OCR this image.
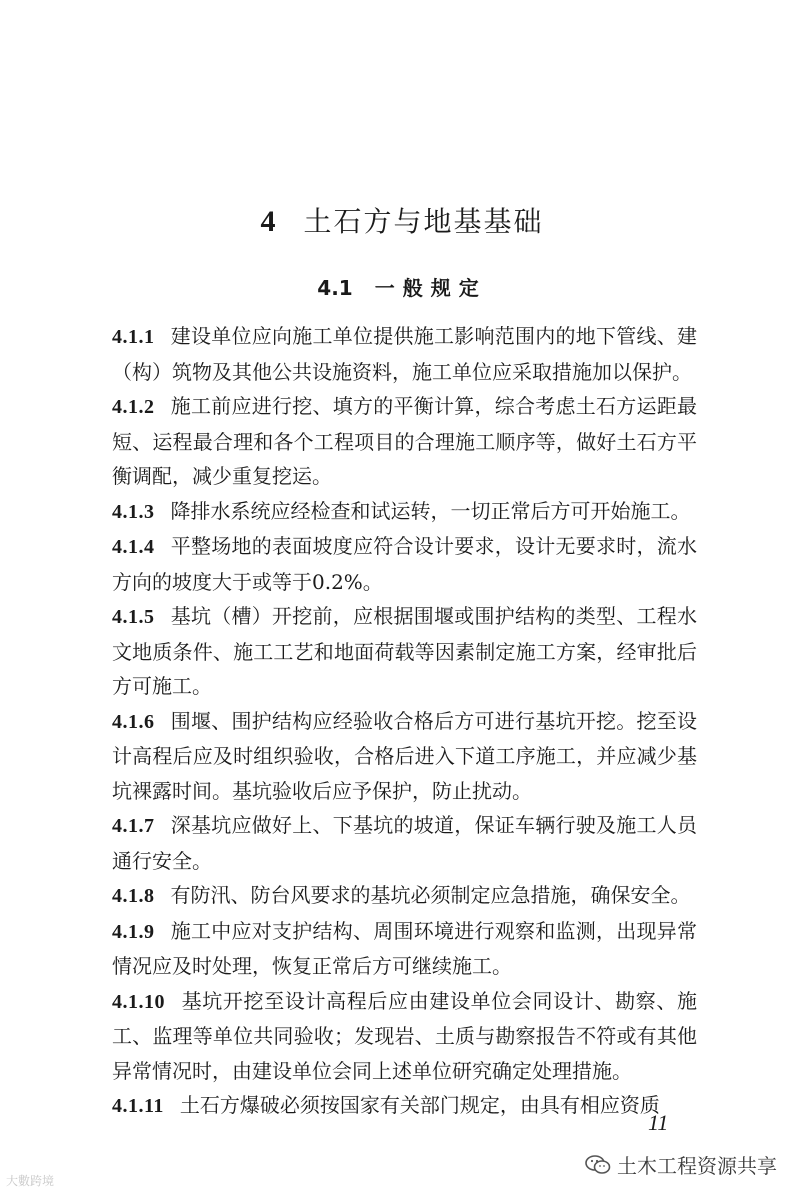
4 土石方与地基基础
4.1 一般规定

4.1.1 建设单位应向施工单位提供施工影响范围内的地下管线、建（构）筑物及其他公共设施资料，施工单位应采取措施加以保护。

4.1.2 施工前应进行挖、填方的平衡计算，综合考虑土石方运距最短、运程最合理和各个工程项目的合理施工顺序等，做好土石方平衡调配，减少重复挖运。

4.1.3 降排水系统应经检查和试运转，一切正常后方可开始施工。

4.1.4 平整场地的表面坡度应符合设计要求，设计无要求时，流水方向的坡度大于或等于0.2%。

4.1.5 基坑（槽）开挖前，应根据围堰或围护结构的类型、工程水文地质条件、施工工艺和地面荷载等因素制定施工方案，经审批后方可施工。

4.1.6 围堰、围护结构应经验收合格后方可进行基坑开挖。挖至设计高程后应及时组织验收，合格后进入下道工序施工，并应减少基坑裸露时间。基坑验收后应予保护，防止扰动。

4.1.7 深基坑应做好上、下基坑的坡道，保证车辆行驶及施工人员通行安全。

4.1.8 有防汛、防台风要求的基坑必须制定应急措施，确保安全。

4.1.9 施工中应对支护结构、周围环境进行观察和监测，出现异常情况应及时处理，恢复正常后方可继续施工。

4.1.10 基坑开挖至设计高程后应由建设单位会同设计、勘察、施工、监理等单位共同验收；发现岩、土质与勘察报告不符或有其他异常情况时，由建设单位会同上述单位研究确定处理措施。

4.1.11 土石方爆破必须按国家有关部门规定，由具有相应资质

11
大數跨境
土木工程资源共享
